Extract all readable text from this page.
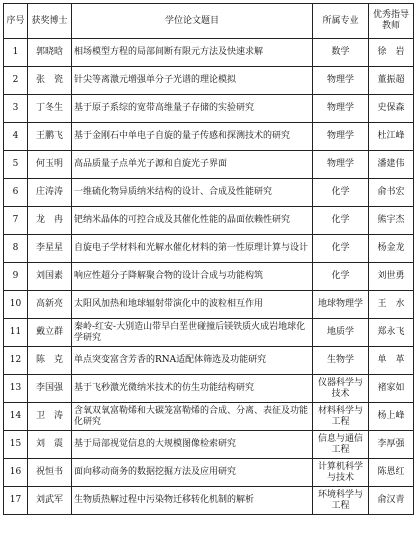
序号	获奖博士	学位论文题目	所属专业	优秀指导教师
1	郭晓晗	相场模型方程的局部间断有限元方法及快速求解	数学	徐　岩
2	张　瓷	针尖等离激元增强单分子光谱的理论模拟	物理学	董振超
3	丁冬生	基于原子系综的宽带高维量子存储的实验研究	物理学	史保森
4	王鹏飞	基于金刚石中单电子自旋的量子传感和探测技术的研究	物理学	杜江峰
5	何玉明	高品质量子点单光子源和自旋光子界面	物理学	潘建伟
6	庄涛涛	一维硫化物异质纳米结构的设计、合成及性能研究	化学	俞书宏
7	龙　冉	钯纳米晶体的可控合成及其催化性能的晶面依赖性研究	化学	熊宇杰
8	李星星	自旋电子学材料和光解水催化材料的第一性原理计算与设计	化学	杨金龙
9	刘国素	响应性超分子降解聚合物的设计合成与功能构筑	化学	刘世勇
10	高新亮	太阳风加热和地球辐射带演化中的波粒相互作用	地球物理学	王　水
11	戴立群	秦岭-红安-大别造山带早白垩世碰撞后镁铁质火成岩地球化学研究	地质学	郑永飞
12	陈　克	单点突变富含芳香的RNA适配体筛选及功能研究	生物学	单　革
13	李国强	基于飞秒激光微纳米技术的仿生功能结构研究	仪器科学与技术	褚家如
14	卫　涛	含氧双氧富勒烯和大碳笼富勒烯的合成、分离、表征及功能化研究	材料科学与工程	杨上峰
15	刘　震	基于局部视觉信息的大规模图像检索研究	信息与通信工程	李厚强
16	祝恒书	面向移动商务的数据挖掘方法及应用研究	计算机科学与技术	陈恩红
17	刘武军	生物质热解过程中污染物迁移转化机制的解析	环境科学与工程	俞汉青
